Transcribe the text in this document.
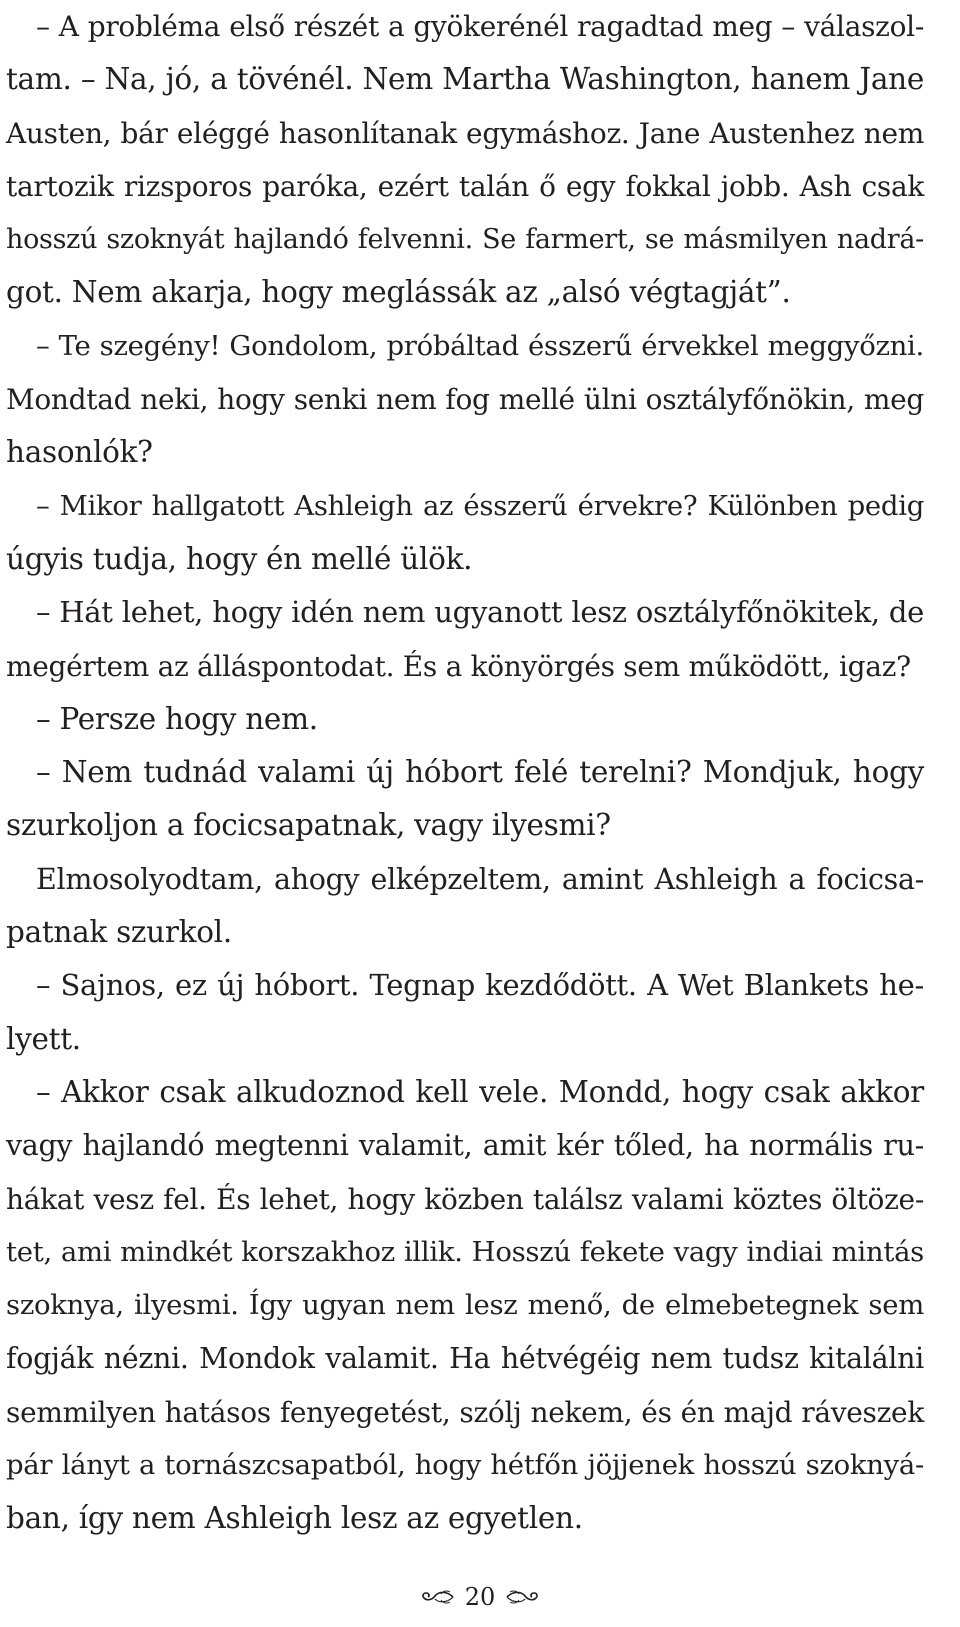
– A probléma első részét a gyökerénél ragadtad meg – válaszol-
tam. – Na, jó, a tövénél. Nem Martha Washington, hanem Jane
Austen, bár eléggé hasonlítanak egymáshoz. Jane Austenhez nem
tartozik rizsporos paróka, ezért talán ő egy fokkal jobb. Ash csak
hosszú szoknyát hajlandó felvenni. Se farmert, se másmilyen nadrá-
got. Nem akarja, hogy meglássák az „alsó végtagját”.
– Te szegény! Gondolom, próbáltad ésszerű érvekkel meggyőzni.
Mondtad neki, hogy senki nem fog mellé ülni osztályfőnökin, meg
hasonlók?
– Mikor hallgatott Ashleigh az ésszerű érvekre? Különben pedig
úgyis tudja, hogy én mellé ülök.
– Hát lehet, hogy idén nem ugyanott lesz osztályfőnökitek, de
megértem az álláspontodat. És a könyörgés sem működött, igaz?
– Persze hogy nem.
– Nem tudnád valami új hóbort felé terelni? Mondjuk, hogy
szurkoljon a focicsapatnak, vagy ilyesmi?
Elmosolyodtam, ahogy elképzeltem, amint Ashleigh a focicsa-
patnak szurkol.
– Sajnos, ez új hóbort. Tegnap kezdődött. A Wet Blankets he-
lyett.
– Akkor csak alkudoznod kell vele. Mondd, hogy csak akkor
vagy hajlandó megtenni valamit, amit kér tőled, ha normális ru-
hákat vesz fel. És lehet, hogy közben találsz valami köztes öltöze-
tet, ami mindkét korszakhoz illik. Hosszú fekete vagy indiai mintás
szoknya, ilyesmi. Így ugyan nem lesz menő, de elmebetegnek sem
fogják nézni. Mondok valamit. Ha hétvégéig nem tudsz kitalálni
semmilyen hatásos fenyegetést, szólj nekem, és én majd ráveszek
pár lányt a tornászcsapatból, hogy hétfőn jöjjenek hosszú szoknyá-
ban, így nem Ashleigh lesz az egyetlen.
20
